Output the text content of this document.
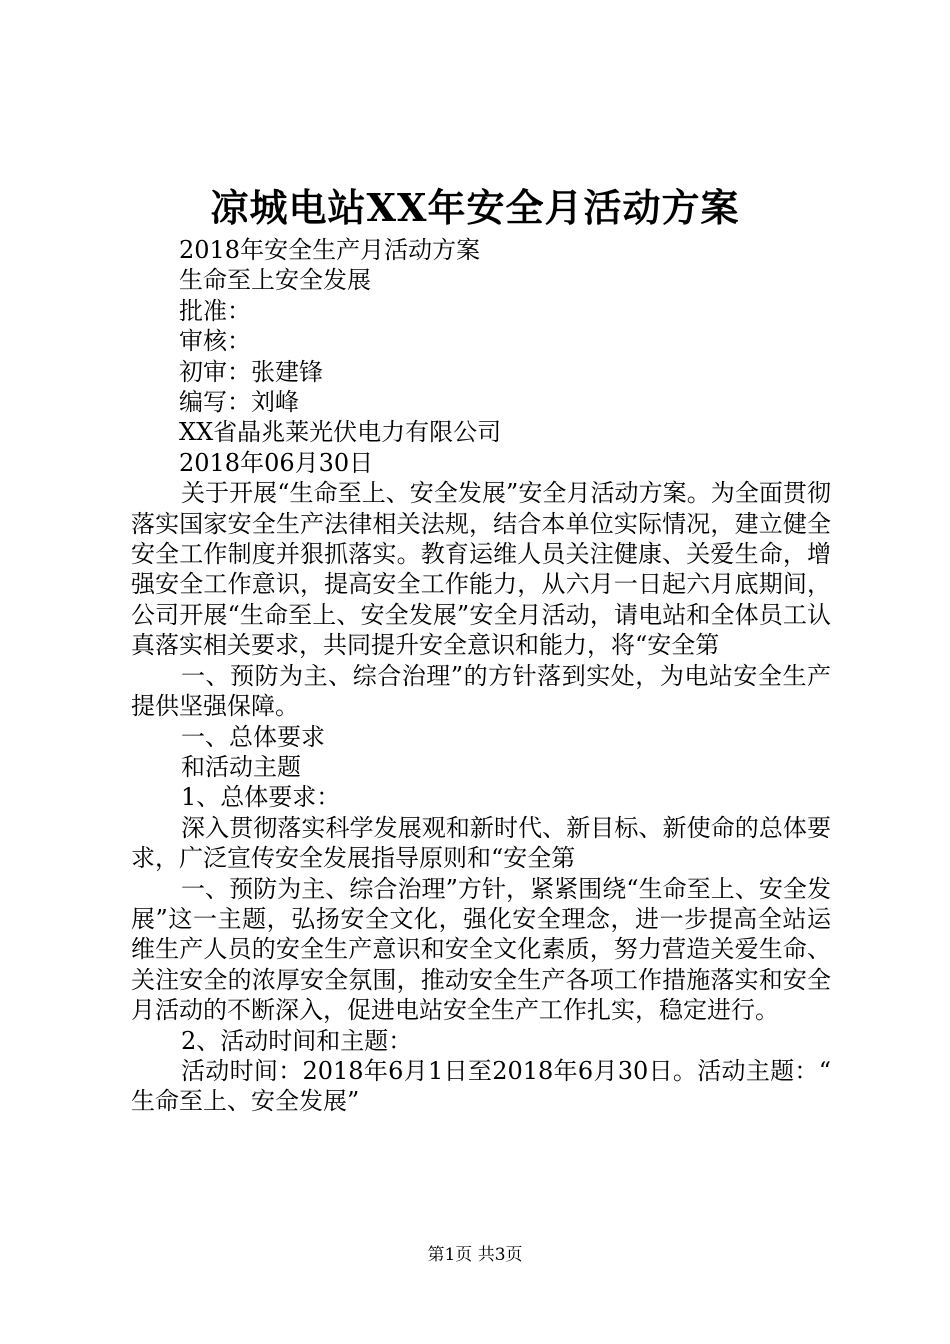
凉城电站XX年安全月活动方案
2018年安全生产月活动方案
生命至上安全发展
批准：
审核：
初审：张建锋
编写：刘峰
XX省晶兆莱光伏电力有限公司
2018年06月30日
关于开展“生命至上、安全发展”安全月活动方案。为全面贯彻落实国家安全生产法律相关法规，结合本单位实际情况，建立健全安全工作制度并狠抓落实。教育运维人员关注健康、关爱生命，增强安全工作意识，提高安全工作能力，从六月一日起六月底期间，公司开展“生命至上、安全发展”安全月活动，请电站和全体员工认真落实相关要求，共同提升安全意识和能力，将“安全第
一、预防为主、综合治理”的方针落到实处，为电站安全生产提供坚强保障。
一、总体要求
和活动主题
1、总体要求：
深入贯彻落实科学发展观和新时代、新目标、新使命的总体要求，广泛宣传安全发展指导原则和“安全第
一、预防为主、综合治理”方针，紧紧围绕“生命至上、安全发展”这一主题，弘扬安全文化，强化安全理念，进一步提高全站运维生产人员的安全生产意识和安全文化素质，努力营造关爱生命、关注安全的浓厚安全氛围，推动安全生产各项工作措施落实和安全月活动的不断深入，促进电站安全生产工作扎实，稳定进行。
2、活动时间和主题：
活动时间：2018年6月1日至2018年6月30日。活动主题：“生命至上、安全发展”
第1页 共3页
